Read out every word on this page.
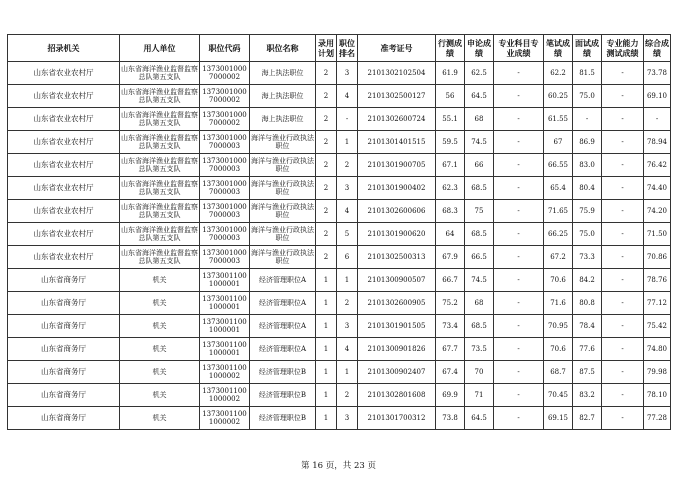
招录机关	用人单位	职位代码	职位名称	录用计划	职位排名	准考证号	行测成绩	申论成绩	专业科目专业成绩	笔试成绩	面试成绩	专业能力测试成绩	综合成绩
山东省农业农村厅	山东省海洋渔业监督监察总队第五支队	13730010007000002	海上执法职位	2	3	2101302102504	61.9	62.5	-	62.2	81.5	-	73.78
山东省农业农村厅	山东省海洋渔业监督监察总队第五支队	13730010007000002	海上执法职位	2	4	2101302500127	56	64.5	-	60.25	75.0	-	69.10
山东省农业农村厅	山东省海洋渔业监督监察总队第五支队	13730010007000002	海上执法职位	2	-	2101302600724	55.1	68	-	61.55	-	-	-
山东省农业农村厅	山东省海洋渔业监督监察总队第五支队	13730010007000003	海洋与渔业行政执法职位	2	1	2101301401515	59.5	74.5	-	67	86.9	-	78.94
山东省农业农村厅	山东省海洋渔业监督监察总队第五支队	13730010007000003	海洋与渔业行政执法职位	2	2	2101301900705	67.1	66	-	66.55	83.0	-	76.42
山东省农业农村厅	山东省海洋渔业监督监察总队第五支队	13730010007000003	海洋与渔业行政执法职位	2	3	2101301900402	62.3	68.5	-	65.4	80.4	-	74.40
山东省农业农村厅	山东省海洋渔业监督监察总队第五支队	13730010007000003	海洋与渔业行政执法职位	2	4	2101302600606	68.3	75	-	71.65	75.9	-	74.20
山东省农业农村厅	山东省海洋渔业监督监察总队第五支队	13730010007000003	海洋与渔业行政执法职位	2	5	2101301900620	64	68.5	-	66.25	75.0	-	71.50
山东省农业农村厅	山东省海洋渔业监督监察总队第五支队	13730010007000003	海洋与渔业行政执法职位	2	6	2101302500313	67.9	66.5	-	67.2	73.3	-	70.86
山东省商务厅	机关	13730011001000001	经济管理职位A	1	1	2101300900507	66.7	74.5	-	70.6	84.2	-	78.76
山东省商务厅	机关	13730011001000001	经济管理职位A	1	2	2101302600905	75.2	68	-	71.6	80.8	-	77.12
山东省商务厅	机关	13730011001000001	经济管理职位A	1	3	2101301901505	73.4	68.5	-	70.95	78.4	-	75.42
山东省商务厅	机关	13730011001000001	经济管理职位A	1	4	2101300901826	67.7	73.5	-	70.6	77.6	-	74.80
山东省商务厅	机关	13730011001000002	经济管理职位B	1	1	2101300902407	67.4	70	-	68.7	87.5	-	79.98
山东省商务厅	机关	13730011001000002	经济管理职位B	1	2	2101302801608	69.9	71	-	70.45	83.2	-	78.10
山东省商务厅	机关	13730011001000002	经济管理职位B	1	3	2101301700312	73.8	64.5	-	69.15	82.7	-	77.28
第 16 页，共 23 页
